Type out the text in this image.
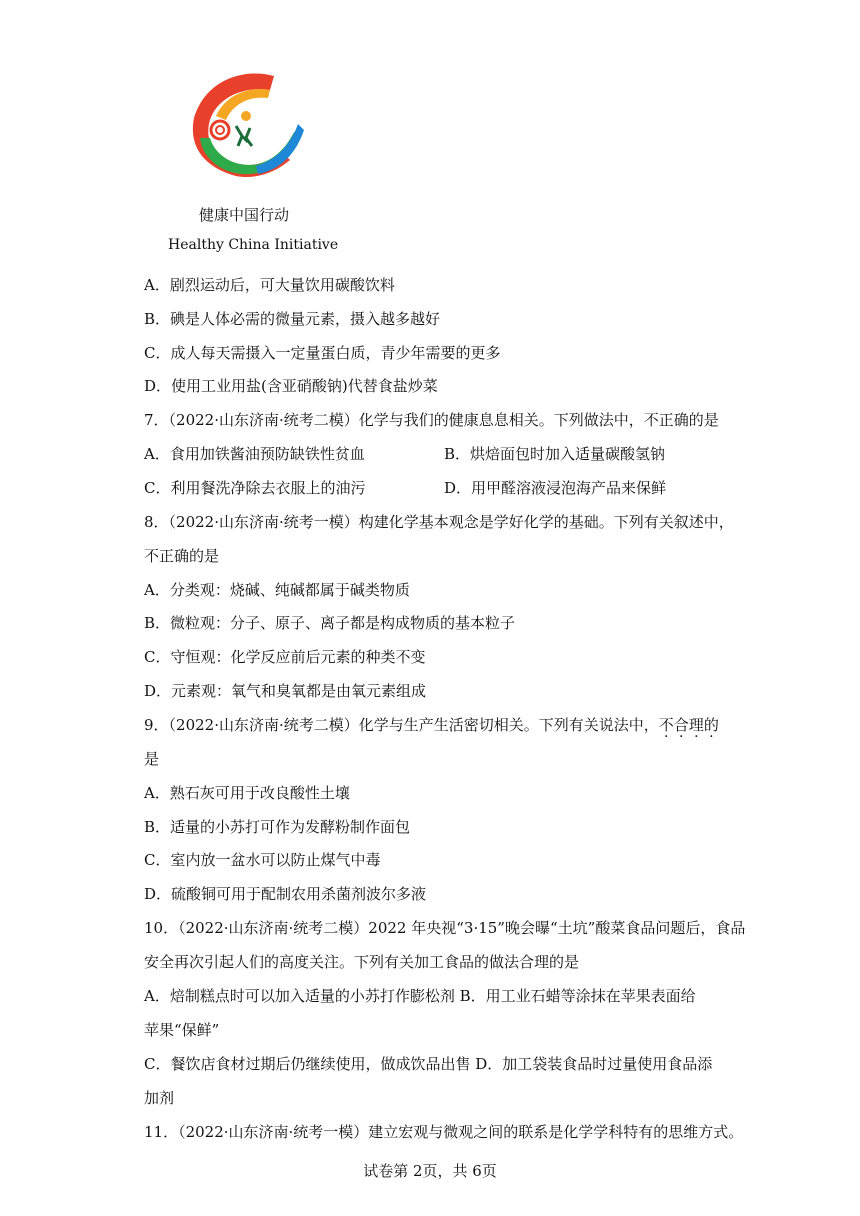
健康中国行动
Healthy China Initiative
A．剧烈运动后，可大量饮用碳酸饮料
B．碘是人体必需的微量元素，摄入越多越好
C．成人每天需摄入一定量蛋白质，青少年需要的更多
D．使用工业用盐(含亚硝酸钠)代替食盐炒菜
7．（2022·山东济南·统考二模）化学与我们的健康息息相关。下列做法中，不正确的是
A．食用加铁酱油预防缺铁性贫血	B．烘焙面包时加入适量碳酸氢钠
C．利用餐洗净除去衣服上的油污	D．用甲醛溶液浸泡海产品来保鲜
8．（2022·山东济南·统考一模）构建化学基本观念是学好化学的基础。下列有关叙述中，
不正确的是
A．分类观：烧碱、纯碱都属于碱类物质
B．微粒观：分子、原子、离子都是构成物质的基本粒子
C．守恒观：化学反应前后元素的种类不变
D．元素观：氧气和臭氧都是由氧元素组成
9．（2022·山东济南·统考二模）化学与生产生活密切相关。下列有关说法中，不合理的
是
A．熟石灰可用于改良酸性土壤
B．适量的小苏打可作为发酵粉制作面包
C．室内放一盆水可以防止煤气中毒
D．硫酸铜可用于配制农用杀菌剂波尔多液
10．（2022·山东济南·统考二模）2022 年央视“3·15”晚会曝“土坑”酸菜食品问题后，食品
安全再次引起人们的高度关注。下列有关加工食品的做法合理的是
A．焙制糕点时可以加入适量的小苏打作膨松剂 B．用工业石蜡等涂抹在苹果表面给
苹果“保鲜”
C．餐饮店食材过期后仍继续使用，做成饮品出售 D．加工袋装食品时过量使用食品添
加剂
11．（2022·山东济南·统考一模）建立宏观与微观之间的联系是化学学科特有的思维方式。
试卷第 2页，共 6页
